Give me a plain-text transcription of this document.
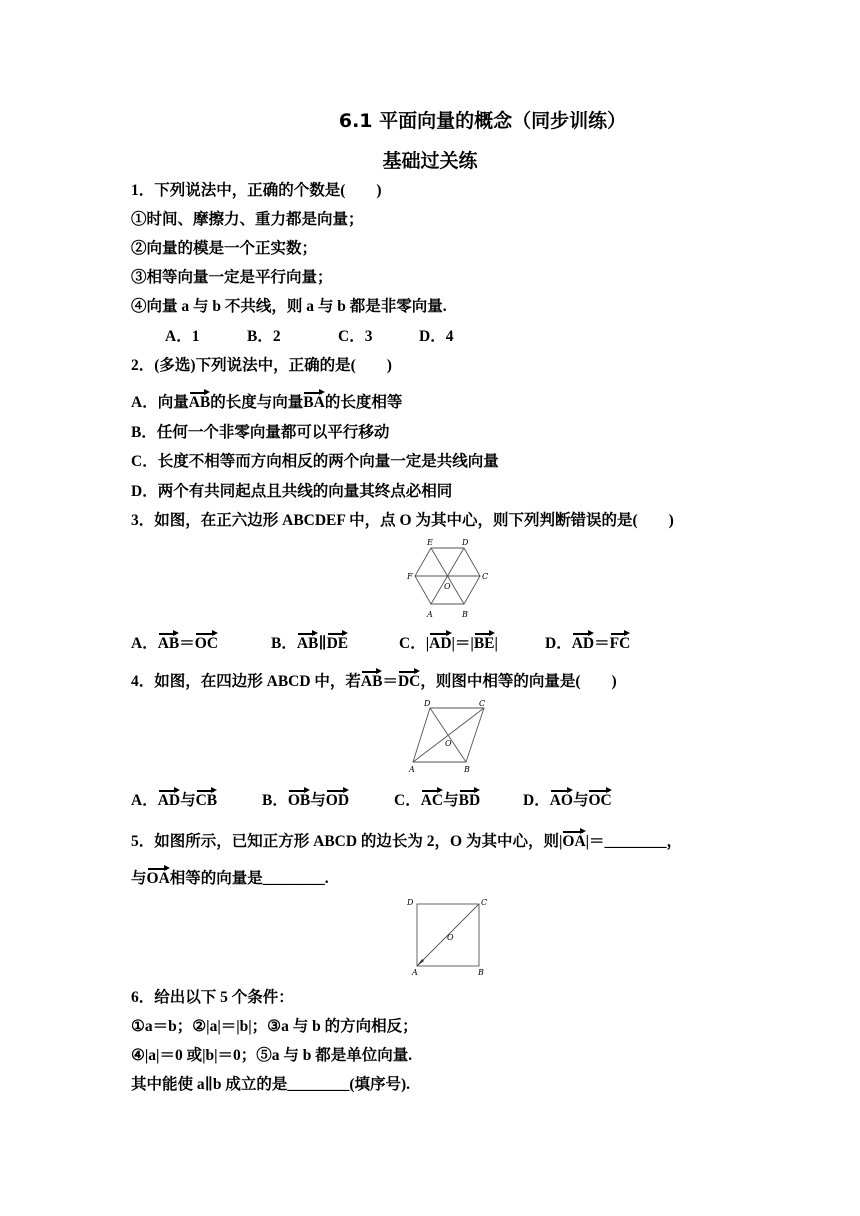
6.1 平面向量的概念（同步训练）
基础过关练
1．下列说法中，正确的个数是(　　)
①时间、摩擦力、重力都是向量；
②向量的模是一个正实数；
③相等向量一定是平行向量；
④向量 a 与 b 不共线，则 a 与 b 都是非零向量.
A．1	B．2	C．3	D．4
2．(多选)下列说法中，正确的是(　　)
A．向量AB的长度与向量BA的长度相等
B．任何一个非零向量都可以平行移动
C．长度不相等而方向相反的两个向量一定是共线向量
D．两个有共同起点且共线的向量其终点必相同
3．如图，在正六边形 ABCDEF 中，点 O 为其中心，则下列判断错误的是(　　)
E	D
F	C
O
A	B
A．AB＝OC	B．AB∥DE	C．|AD|＝|BE|	D．AD＝FC
4．如图，在四边形 ABCD 中，若AB＝DC，则图中相等的向量是(　　)
D	C
O
A	B
A．AD与CB	B．OB与OD	C．AC与BD	D．AO与OC
5．如图所示，已知正方形 ABCD 的边长为 2，O 为其中心，则|OA|＝________，
与OA相等的向量是________.
D	C
O
A	B
6．给出以下 5 个条件：
①a＝b；②|a|＝|b|；③a 与 b 的方向相反；
④|a|＝0 或|b|＝0；⑤a 与 b 都是单位向量.
其中能使 a∥b 成立的是________(填序号).
